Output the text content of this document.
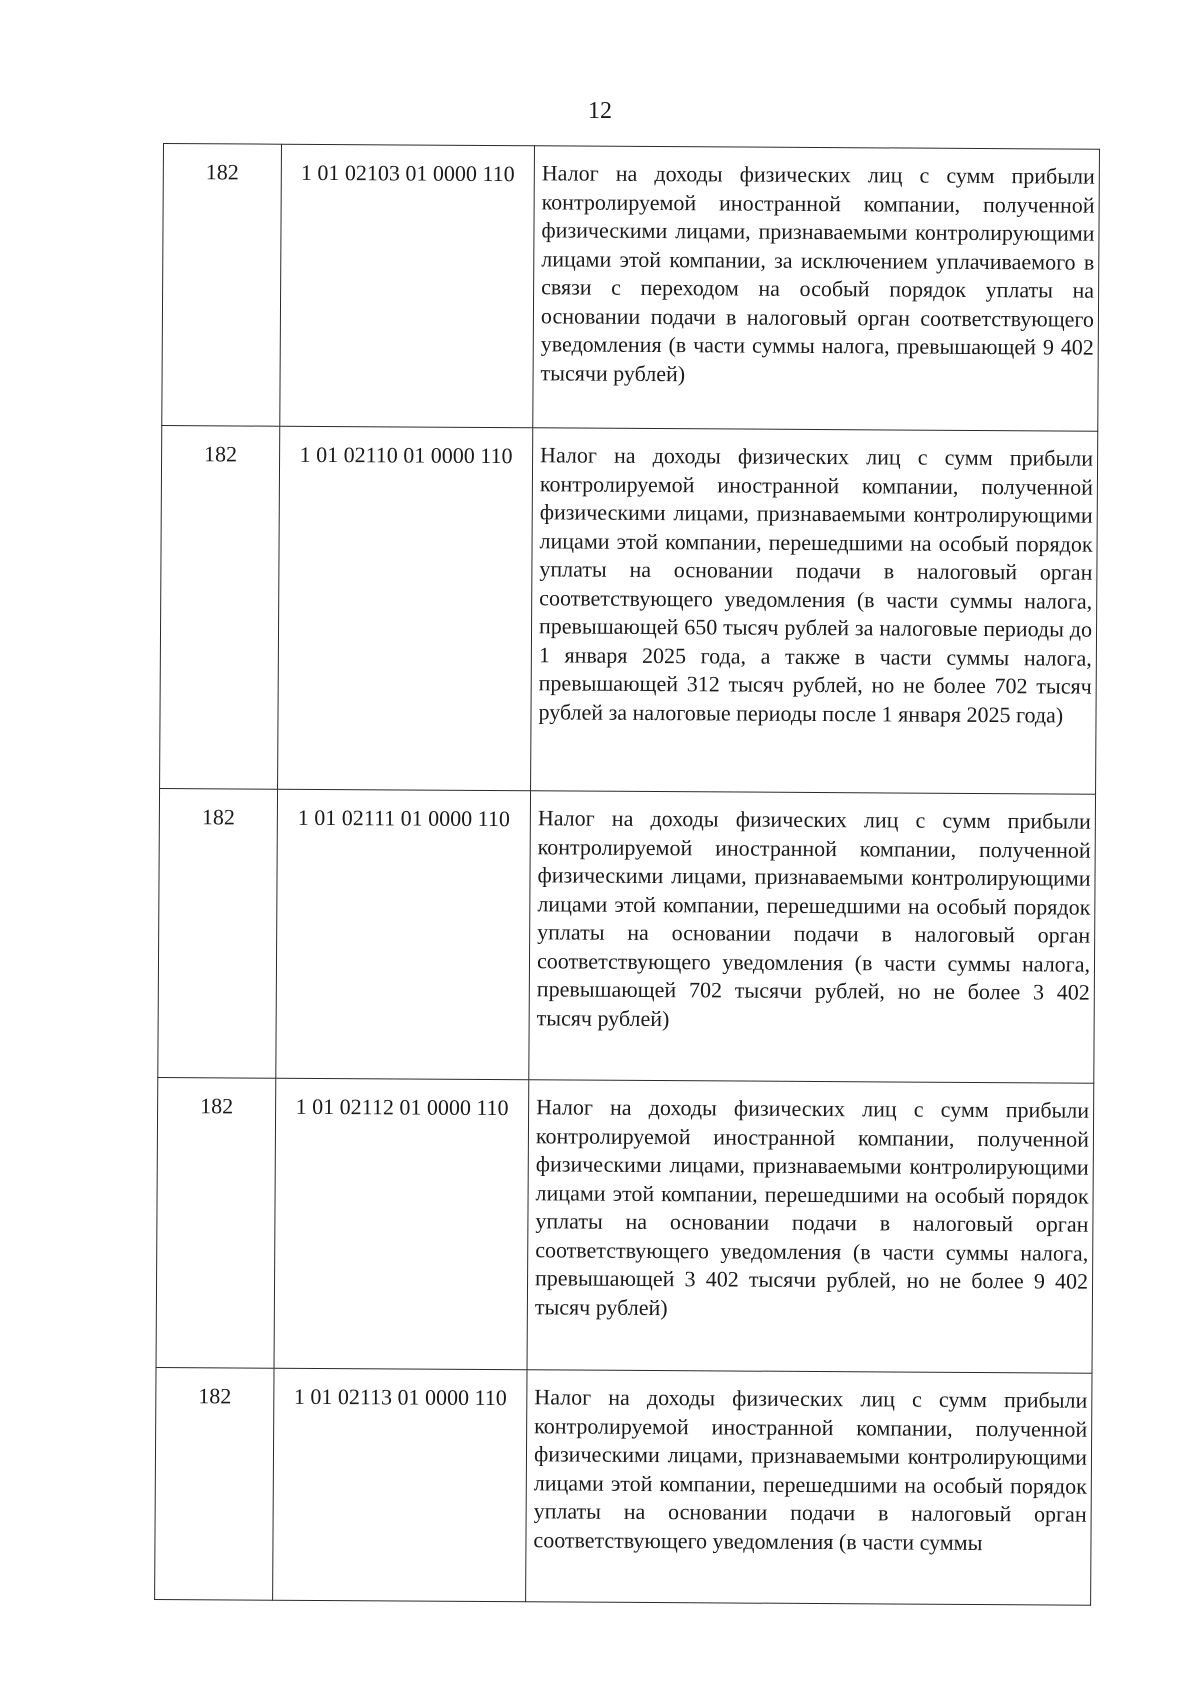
12
182	1 01 02103 01 0000 110	Налог на доходы физических лиц с сумм прибыли контролируемой иностранной компании, полученной физическими лицами, признаваемыми контролирующими лицами этой компании, за исключением уплачиваемого в связи с переходом на особый порядок уплаты на основании подачи в налоговый орган соответствующего уведомления (в части суммы налога, превышающей 9 402 тысячи рублей)
182	1 01 02110 01 0000 110	Налог на доходы физических лиц с сумм прибыли контролируемой иностранной компании, полученной физическими лицами, признаваемыми контролирующими лицами этой компании, перешедшими на особый порядок уплаты на основании подачи в налоговый орган соответствующего уведомления (в части суммы налога, превышающей 650 тысяч рублей за налоговые периоды до 1 января 2025 года, а также в части суммы налога, превышающей 312 тысяч рублей, но не более 702 тысяч рублей за налоговые периоды после 1 января 2025 года)
182	1 01 02111 01 0000 110	Налог на доходы физических лиц с сумм прибыли контролируемой иностранной компании, полученной физическими лицами, признаваемыми контролирующими лицами этой компании, перешедшими на особый порядок уплаты на основании подачи в налоговый орган соответствующего уведомления (в части суммы налога, превышающей 702 тысячи рублей, но не более 3 402 тысяч рублей)
182	1 01 02112 01 0000 110	Налог на доходы физических лиц с сумм прибыли контролируемой иностранной компании, полученной физическими лицами, признаваемыми контролирующими лицами этой компании, перешедшими на особый порядок уплаты на основании подачи в налоговый орган соответствующего уведомления (в части суммы налога, превышающей 3 402 тысячи рублей, но не более 9 402 тысяч рублей)
182	1 01 02113 01 0000 110	Налог на доходы физических лиц с сумм прибыли контролируемой иностранной компании, полученной физическими лицами, признаваемыми контролирующими лицами этой компании, перешедшими на особый порядок уплаты на основании подачи в налоговый орган соответствующего уведомления (в части суммы
